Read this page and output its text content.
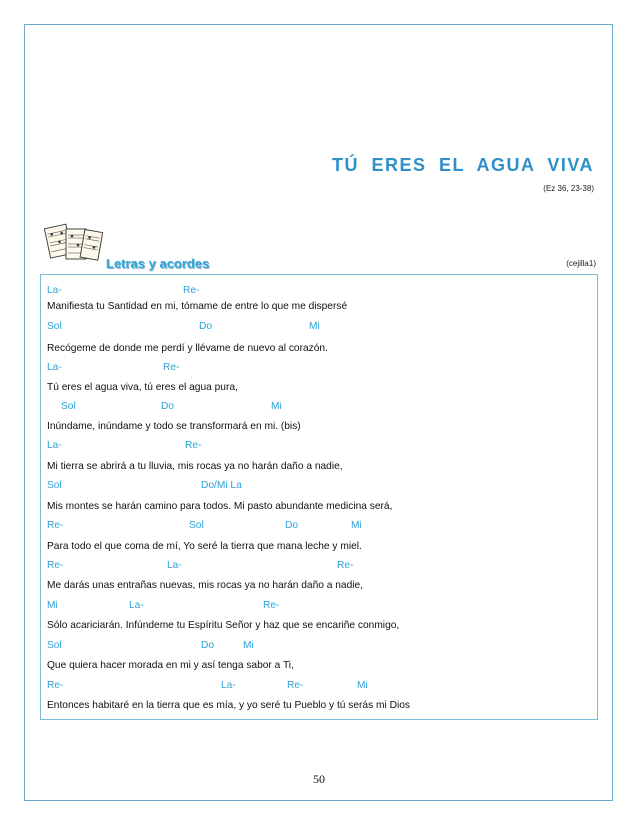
TÚ ERES EL AGUA VIVA
(Ez 36, 23-38)
Letras y acordes	(cejilla1)
La-	Re-
Manifiesta tu Santidad en mi, tómame de entre lo que me dispersé
Sol	Do	Mi
Recógeme de donde me perdí y llévame de nuevo al corazón.
La-	Re-
Tú eres el agua viva, tú eres el agua pura,
Sol	Do	Mi
Inúndame, inúndame y todo se transformará en mi. (bis)
La-	Re-
Mi tierra se abrirá a tu lluvia, mis rocas ya no harán daño a nadie,
Sol	Do/Mi La
Mis montes se harán camino para todos. Mi pasto abundante medicina será,
Re-	Sol	Do	Mi
Para todo el que coma de mí, Yo seré la tierra que mana leche y miel.
Re-	La-	Re-
Me darás unas entrañas nuevas, mis rocas ya no harán daño a nadie,
Mi	La-	Re-
Sólo acariciarán. Infúndeme tu Espíritu Señor y haz que se encariñe conmigo,
Sol	Do	Mi
Que quiera hacer morada en mi y así tenga sabor a Ti,
Re-	La-	Re-	Mi
Entonces habitaré en la tierra que es mía, y yo seré tu Pueblo y tú serás mi Dios
50
